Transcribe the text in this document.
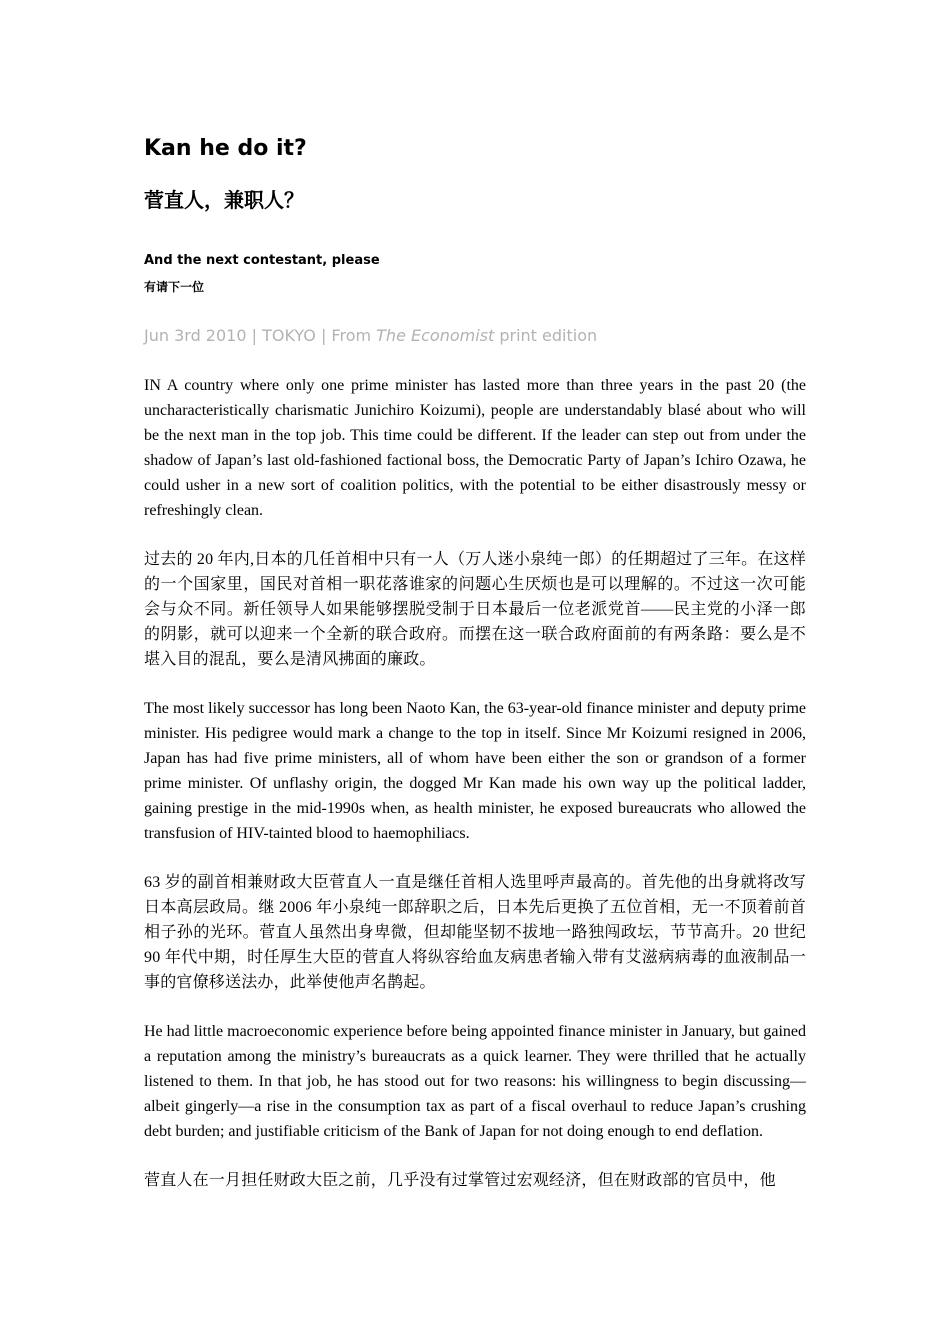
Kan he do it?
菅直人，兼职人？
And the next contestant, please
有请下一位

Jun 3rd 2010 | TOKYO | From The Economist print edition

IN A country where only one prime minister has lasted more than three years in the past 20 (the uncharacteristically charismatic Junichiro Koizumi), people are understandably blasé about who will be the next man in the top job. This time could be different. If the leader can step out from under the shadow of Japan’s last old-fashioned factional boss, the Democratic Party of Japan’s Ichiro Ozawa, he could usher in a new sort of coalition politics, with the potential to be either disastrously messy or refreshingly clean.

过去的 20 年内,日本的几任首相中只有一人（万人迷小泉纯一郎）的任期超过了三年。在这样的一个国家里，国民对首相一职花落谁家的问题心生厌烦也是可以理解的。不过这一次可能会与众不同。新任领导人如果能够摆脱受制于日本最后一位老派党首——民主党的小泽一郎的阴影，就可以迎来一个全新的联合政府。而摆在这一联合政府面前的有两条路：要么是不堪入目的混乱，要么是清风拂面的廉政。

The most likely successor has long been Naoto Kan, the 63-year-old finance minister and deputy prime minister. His pedigree would mark a change to the top in itself. Since Mr Koizumi resigned in 2006, Japan has had five prime ministers, all of whom have been either the son or grandson of a former prime minister. Of unflashy origin, the dogged Mr Kan made his own way up the political ladder, gaining prestige in the mid-1990s when, as health minister, he exposed bureaucrats who allowed the transfusion of HIV-tainted blood to haemophiliacs.

63 岁的副首相兼财政大臣菅直人一直是继任首相人选里呼声最高的。首先他的出身就将改写日本高层政局。继 2006 年小泉纯一郎辞职之后，日本先后更换了五位首相，无一不顶着前首相子孙的光环。菅直人虽然出身卑微，但却能坚韧不拔地一路独闯政坛，节节高升。20 世纪 90 年代中期，时任厚生大臣的菅直人将纵容给血友病患者输入带有艾滋病病毒的血液制品一事的官僚移送法办，此举使他声名鹊起。

He had little macroeconomic experience before being appointed finance minister in January, but gained a reputation among the ministry’s bureaucrats as a quick learner. They were thrilled that he actually listened to them. In that job, he has stood out for two reasons: his willingness to begin discussing—albeit gingerly—a rise in the consumption tax as part of a fiscal overhaul to reduce Japan’s crushing debt burden; and justifiable criticism of the Bank of Japan for not doing enough to end deflation.

菅直人在一月担任财政大臣之前，几乎没有过掌管过宏观经济，但在财政部的官员中，他
